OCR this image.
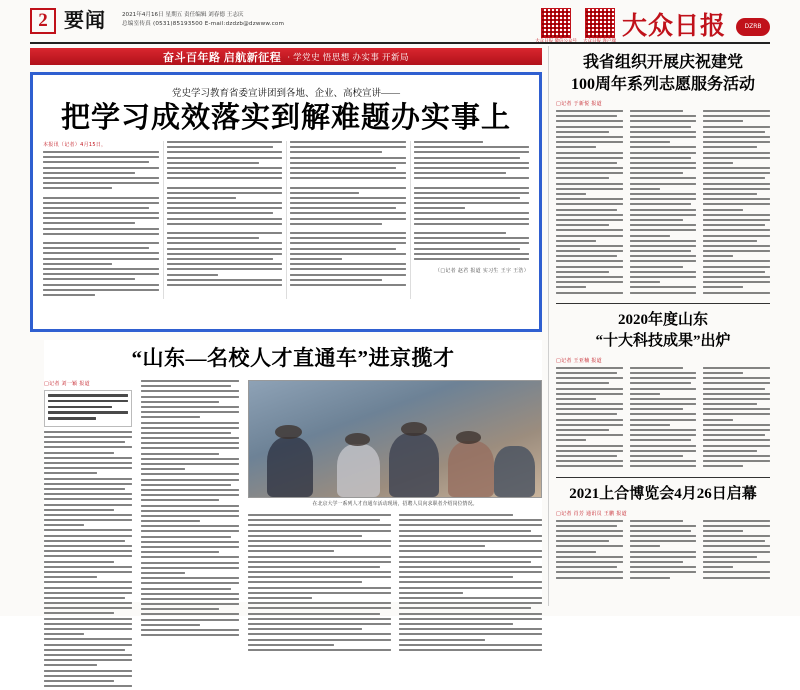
2 要闻	2021年4月16日 星期五 责任编辑 刘春德 王志庆
总编室传真 (0531)85193500 E-mail:dzdzb@dzwww.com	大众日报	DZRB
奋斗百年路 启航新征程 · 学党史 悟思想 办实事 开新局
党史学习教育省委宣讲团到各地、企业、高校宣讲——
把学习成效落实到解难题办实事上
本报讯（记者）4月15日，
（□记者 赵君 报道 实习生 王宇 王浩）
“山东—名校人才直通车”进京揽才
□记者 刘一颖 报道
在北京大学一系列人才直通车活动现场，招聘人员向求职者介绍岗位情况。
我省组织开展庆祝建党
100周年系列志愿服务活动
□记者 于新悦 报道
2020年度山东
“十大科技成果”出炉
□记者 王亚楠 报道
2021上合博览会4月26日启幕
□记者 肖芳 通讯员 王鹏 报道
